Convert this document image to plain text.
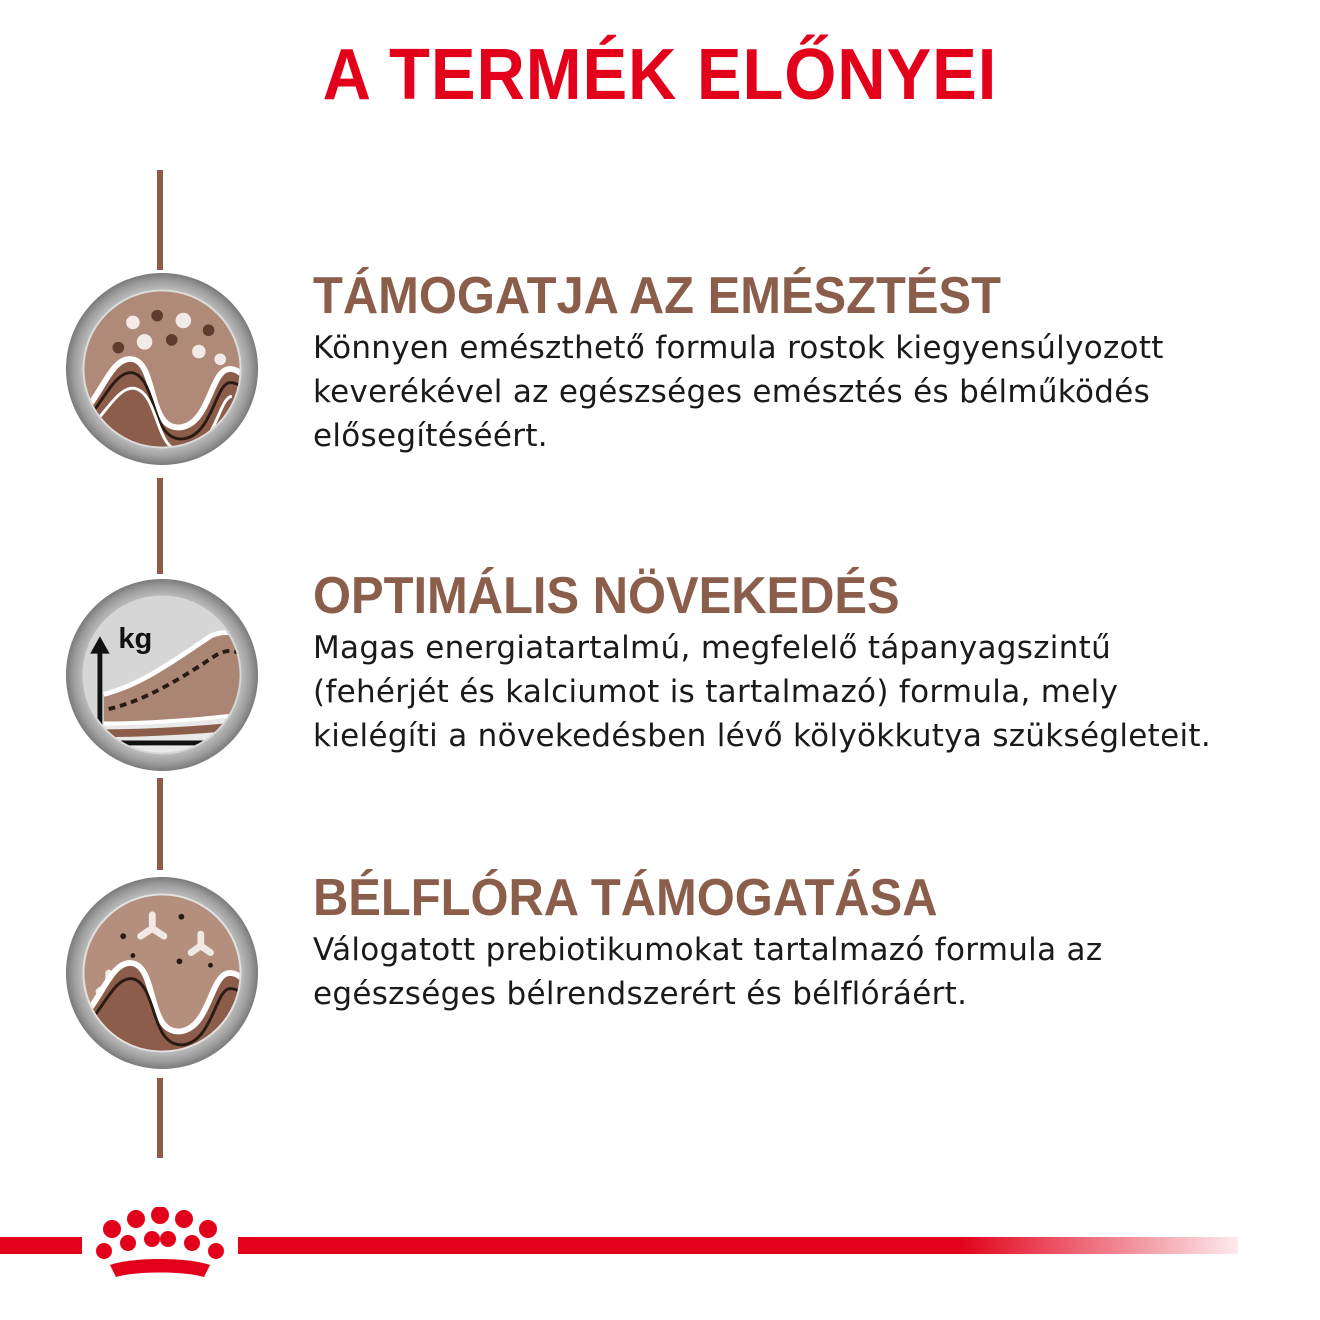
A TERMÉK ELŐNYEI
kg
TÁMOGATJA AZ EMÉSZTÉST

Könnyen emészthető formula rostok kiegyensúlyozott
keverékével az egészséges emésztés és bélműködés
elősegítéséért.

OPTIMÁLIS NÖVEKEDÉS

Magas energiatartalmú, megfelelő tápanyagszintű
(fehérjét és kalciumot is tartalmazó) formula, mely
kielégíti a növekedésben lévő kölyökkutya szükségleteit.

BÉLFLÓRA TÁMOGATÁSA

Válogatott prebiotikumokat tartalmazó formula az
egészséges bélrendszerért és bélflóráért.
